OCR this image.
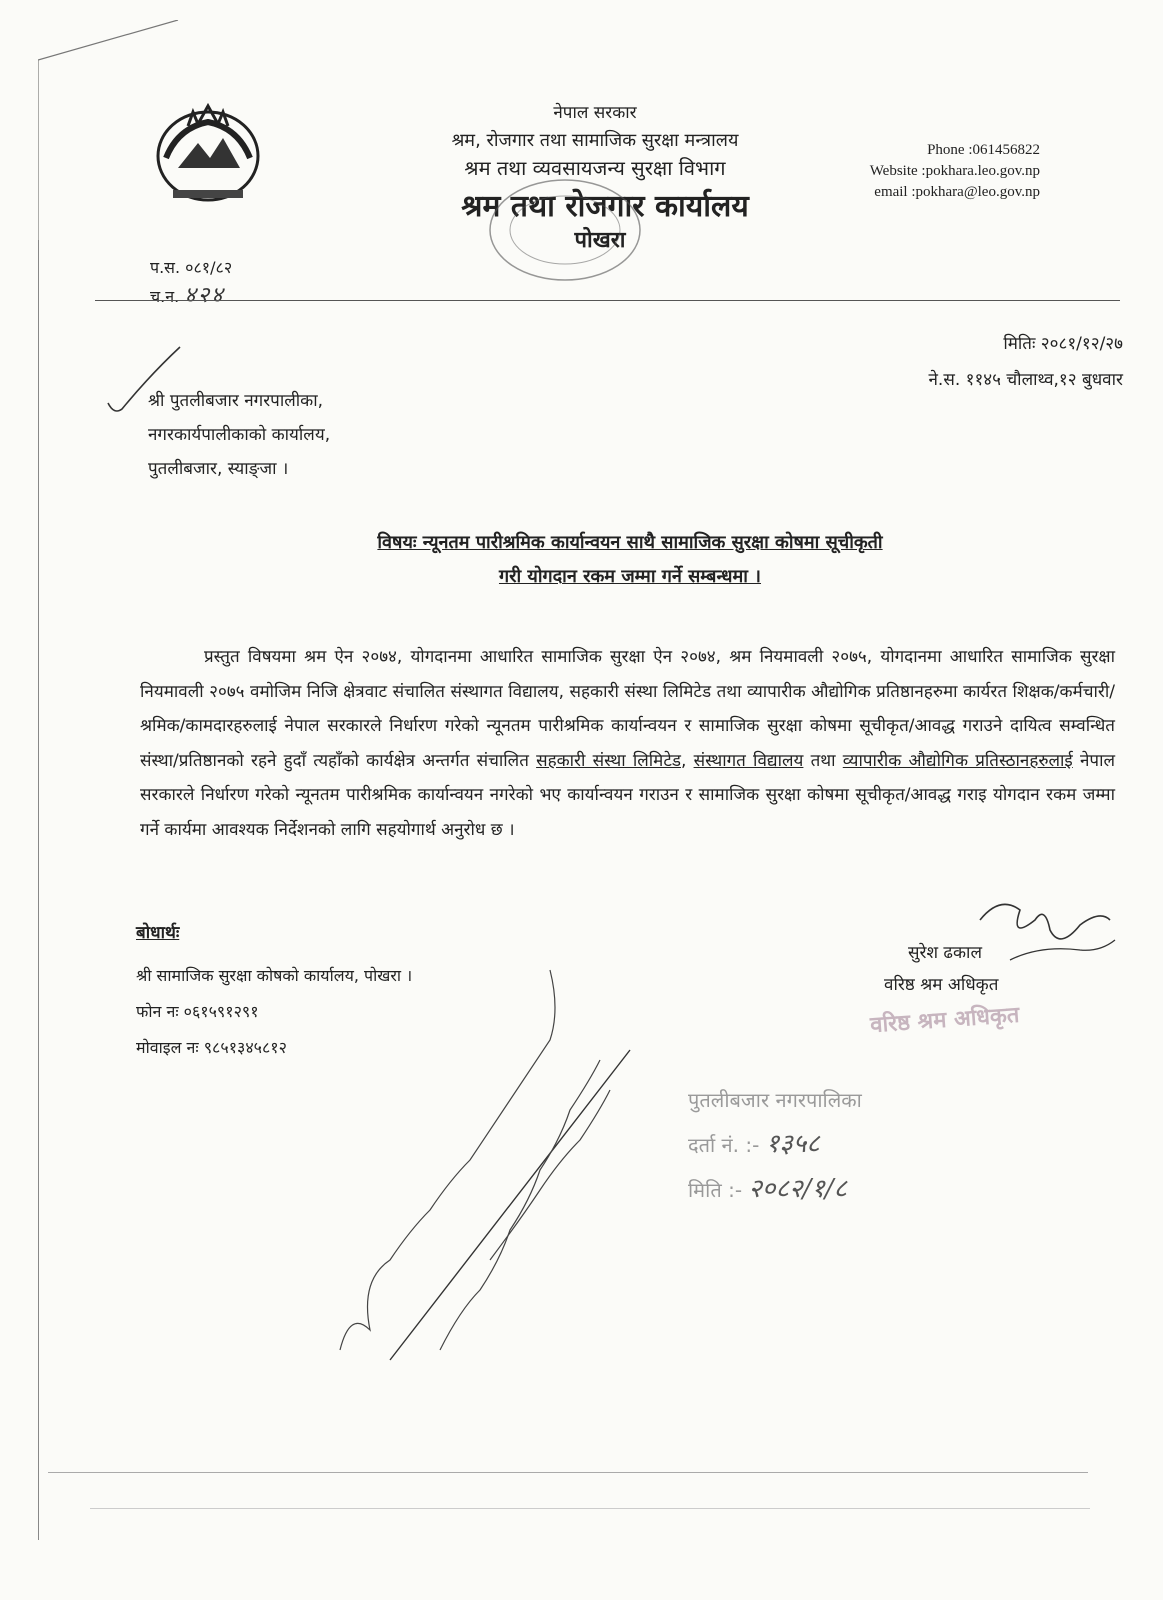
नेपाल सरकार
श्रम, रोजगार तथा सामाजिक सुरक्षा मन्त्रालय
श्रम तथा व्यवसायजन्य सुरक्षा विभाग
श्रम तथा रोजगार कार्यालय
पोखरा
Phone :061456822
Website :pokhara.leo.gov.np
email :pokhara@leo.gov.np
प.स. ०८१/८२
च.न. ४२४
मितिः २०८१/१२/२७
ने.स. ११४५ चौलाथ्व,१२ बुधवार
श्री पुतलीबजार नगरपालीका,
नगरकार्यपालीकाको कार्यालय,
पुतलीबजार, स्याङ्जा ।
विषयः न्यूनतम पारीश्रमिक कार्यान्वयन साथै सामाजिक सुरक्षा कोषमा सूचीकृती
गरी योगदान रकम जम्मा गर्ने सम्बन्धमा ।
प्रस्तुत विषयमा श्रम ऐन २०७४, योगदानमा आधारित सामाजिक सुरक्षा ऐन २०७४, श्रम नियमावली २०७५, योगदानमा आधारित सामाजिक सुरक्षा नियमावली २०७५ वमोजिम निजि क्षेत्रवाट संचालित संस्थागत विद्यालय, सहकारी संस्था लिमिटेड तथा व्यापारीक औद्योगिक प्रतिष्ठानहरुमा कार्यरत शिक्षक/कर्मचारी/श्रमिक/कामदारहरुलाई नेपाल सरकारले निर्धारण गरेको न्यूनतम पारीश्रमिक कार्यान्वयन र सामाजिक सुरक्षा कोषमा सूचीकृत/आवद्ध गराउने दायित्व सम्वन्धित संस्था/प्रतिष्ठानको रहने हुदाँ त्यहाँको कार्यक्षेत्र अन्तर्गत संचालित सहकारी संस्था लिमिटेड, संस्थागत विद्यालय तथा व्यापारीक औद्योगिक प्रतिस्ठानहरुलाई नेपाल सरकारले निर्धारण गरेको न्यूनतम पारीश्रमिक कार्यान्वयन नगरेको भए कार्यान्वयन गराउन र सामाजिक सुरक्षा कोषमा सूचीकृत/आवद्ध गराइ योगदान रकम जम्मा गर्ने कार्यमा आवश्यक निर्देशनको लागि सहयोगार्थ अनुरोध छ ।
बोधार्थः
श्री सामाजिक सुरक्षा कोषको कार्यालय, पोखरा ।
फोन नः ०६१५९१२९१
मोवाइल नः ९८५१३४५८१२
सुरेश ढकाल
वरिष्ठ श्रम अधिकृत
वरिष्ठ श्रम अधिकृत
पुतलीबजार नगरपालिका
दर्ता नं. :- १३५८
मिति :- २०८२/१/८
